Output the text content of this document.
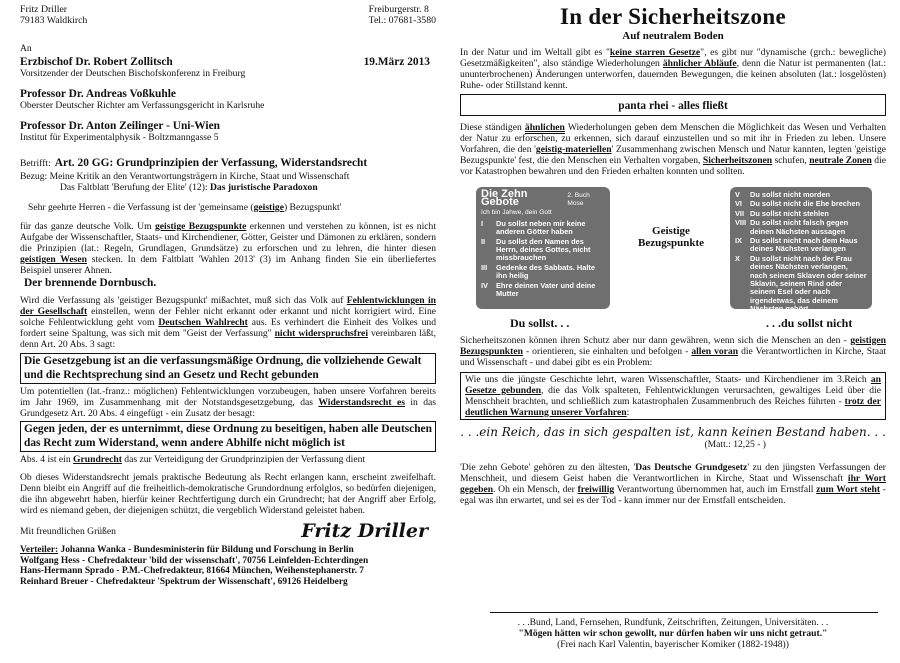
Fritz Driller
79183 Waldkirch
Freiburgerstr. 8
Tel.: 07681-3580
An
Erzbischof Dr. Robert Zollitsch	19.März 2013
Vorsitzender der Deutschen Bischofskonferenz in Freiburg
Professor Dr. Andreas Voßkuhle
Oberster Deutscher Richter am Verfassungsgericht in Karlsruhe
Professor Dr. Anton Zeilinger - Uni-Wien
Institut für Experimentalphysik - Boltzmanngasse 5
Betrifft: Art. 20 GG: Grundprinzipien der Verfassung, Widerstandsrecht
Bezug: Meine Kritik an den Verantwortungsträgern in Kirche, Staat und Wissenschaft
Das Faltblatt 'Berufung der Elite' (12): Das juristische Paradoxon
Sehr geehrte Herren - die Verfassung ist der 'gemeinsame (geistige) Bezugspunkt'

für das ganze deutsche Volk. Um geistige Bezugspunkte erkennen und verstehen zu können, ist es nicht Aufgabe der Wissenschaftler, Staats- und Kirchendiener, Götter, Geister und Dämonen zu erklären, sondern die Prinzipien (lat.: Regeln, Grundlagen, Grundsätze) zu erforschen und zu lehren, die hinter diesen geistigen Wesen stecken. In dem Faltblatt 'Wahlen 2013' (3) im Anhang finden Sie ein überliefertes Beispiel unserer Ahnen.

Der brennende Dornbusch.

Wird die Verfassung als 'geistiger Bezugspunkt' mißachtet, muß sich das Volk auf Fehlentwicklungen in der Gesellschaft einstellen, wenn der Fehler nicht erkannt oder erkannt und nicht korrigiert wird. Eine solche Fehlentwicklung geht vom Deutschen Wahlrecht aus. Es verhindert die Einheit des Volkes und fordert seine Spaltung, was sich mit dem "Geist der Verfassung" nicht widerspruchsfrei vereinbaren läßt, denn Art. 20 Abs. 3 sagt:

Die Gesetzgebung ist an die verfassungsmäßige Ordnung, die vollziehende Gewalt und die Rechtsprechung sind an Gesetz und Recht gebunden

Um potentiellen (lat.-franz.: möglichen) Fehlentwicklungen vorzubeugen, haben unsere Vorfahren bereits im Jahr 1969, im Zusammenhang mit der Notstandsgesetzgebung, das Widerstandsrecht es in das Grundgesetz Art. 20 Abs. 4 eingefügt - ein Zusatz der besagt:

Gegen jeden, der es unternimmt, diese Ordnung zu beseitigen, haben alle Deutschen das Recht zum Widerstand, wenn andere Abhilfe nicht möglich ist

Abs. 4 ist ein Grundrecht das zur Verteidigung der Grundprinzipien der Verfassung dient

Ob dieses Widerstandsrecht jemals praktische Bedeutung als Recht erlangen kann, erscheint zweifelhaft. Denn bleibt ein Angriff auf die freiheitlich-demokratische Grundordnung erfolglos, so bedürfen diejenigen, die ihn abgewehrt haben, hierfür keiner Rechtfertigung durch ein Grundrecht; hat der Angriff aber Erfolg, wird es niemand geben, der diejenigen schützt, die vergeblich Widerstand geleistet haben.

Mit freundlichen Grüßen	Fritz Driller
Verteiler: Johanna Wanka - Bundesministerin für Bildung und Forschung in Berlin
Wolfgang Hess - Chefredakteur 'bild der wissenschaft', 70756 Leinfelden-Echterdingen
Hans-Hermann Sprado - P.M.-Chefredakteur, 81664 München, Weihenstephanerstr. 7
Reinhard Breuer - Chefredakteur 'Spektrum der Wissenschaft', 69126 Heidelberg
In der Sicherheitszone
Auf neutralem Boden

In der Natur und im Weltall gibt es "keine starren Gesetze", es gibt nur "dynamische (grch.: bewegliche) Gesetzmäßigkeiten", also ständige Wiederholungen ähnlicher Abläufe, denn die Natur ist permanenten (lat.: ununterbrochenen) Änderungen unterworfen, dauernden Bewegungen, die keinen absoluten (lat.: losgelösten) Ruhe- oder Stillstand kennt.

panta rhei - alles fließt

Diese ständigen ähnlichen Wiederholungen geben dem Menschen die Möglichkeit das Wesen und Verhalten der Natur zu erforschen, zu erkennen, sich darauf einzustellen und so mit ihr in Frieden zu leben. Unsere Vorfahren, die den 'geistig-materiellen' Zusammenhang zwischen Mensch und Natur kannten, legten 'geistige Bezugspunkte' fest, die den Menschen ein Verhalten vorgaben, Sicherheitszonen schufen, neutrale Zonen die vor Katastrophen bewahren und den Frieden erhalten konnten und sollten.

Die Zehn Gebote
2. Buch Mose
Ich bin Jahwe, dein Gott
I	Du sollst neben mir keine anderen Götter haben
II	Du sollst den Namen des Herrn, deines Gottes, nicht missbrauchen
III	Gedenke des Sabbats. Halte ihn heilig
IV	Ehre deinen Vater und deine Mutter
Geistige Bezugspunkte
V	Du sollst nicht morden
VI	Du sollst nicht die Ehe brechen
VII Du sollst nicht stehlen
VIII Du sollst nicht falsch gegen deinen Nächsten aussagen
IX	Du sollst nicht nach dem Haus deines Nächsten verlangen
X	Du sollst nicht nach der Frau deines Nächsten verlangen, nach seinem Sklaven oder seiner Sklavin, seinem Rind oder seinem Esel oder nach irgendetwas, das deinem Nächsten gehört
Du sollst. . .	. . .du sollst nicht

Sicherheitszonen können ihren Schutz aber nur dann gewähren, wenn sich die Menschen an den - geistigen Bezugspunkten - orientieren, sie einhalten und befolgen - allen voran die Verantwortlichen in Kirche, Staat und Wissenschaft - und dabei gibt es ein Problem:

Wie uns die jüngste Geschichte lehrt, waren Wissenschaftler, Staats- und Kirchendiener im 3.Reich an Gesetze gebunden, die das Volk spalteten, Fehlentwicklungen verursachten, gewaltiges Leid über die Menschheit brachten, und schließlich zum katastrophalen Zusammenbruch des Reiches führten - trotz der deutlichen Warnung unserer Vorfahren:
. . .ein Reich, das in sich gespalten ist, kann keinen Bestand haben. . .
(Matt.: 12,25 - )

'Die zehn Gebote' gehören zu den ältesten, 'Das Deutsche Grundgesetz' zu den jüngsten Verfassungen der Menschheit, und diesem Geist haben die Verantwortlichen in Kirche, Staat und Wissenschaft ihr Wort gegeben. Oh ein Mensch, der freiwillig Verantwortung übernommen hat, auch im Ernstfall zum Wort steht - egal was ihn erwartet, und sei es der Tod - kann immer nur der Ernstfall entscheiden.

. . .Bund, Land, Fernsehen, Rundfunk, Zeitschriften, Zeitungen, Universitäten. . .
"Mögen hätten wir schon gewollt, nur dürfen haben wir uns nicht getraut."
(Frei nach Karl Valentin, bayerischer Komiker (1882-1948))
